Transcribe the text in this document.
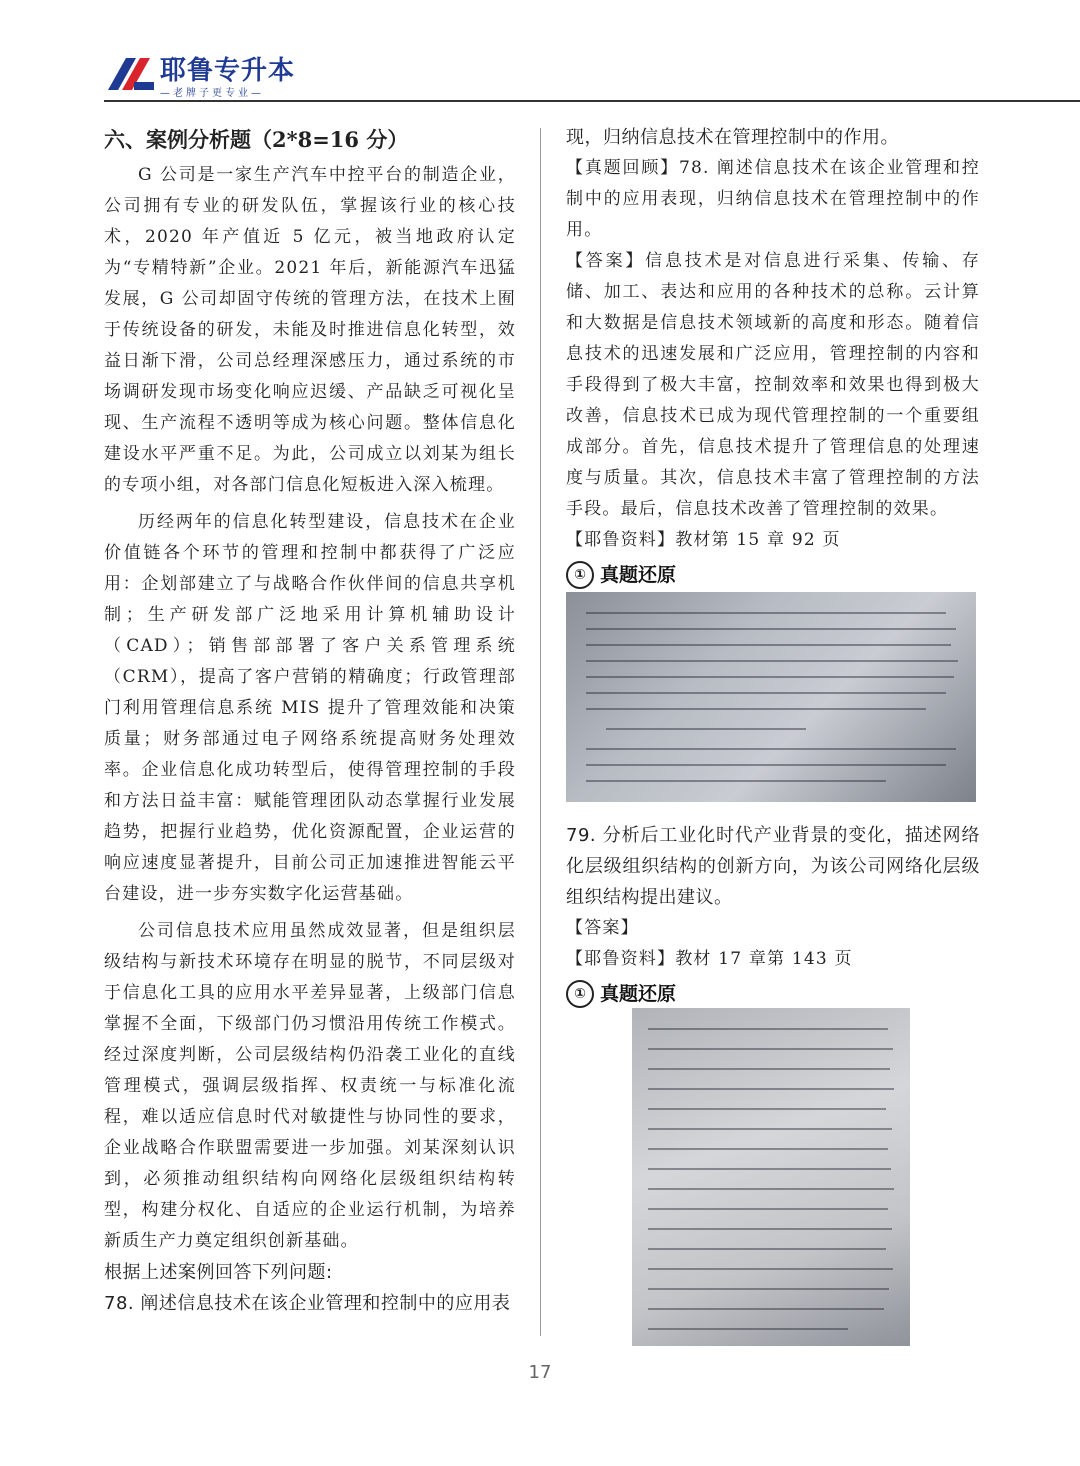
耶鲁专升本
—老牌子更专业—
六、案例分析题（2*8=16 分）

G 公司是一家生产汽车中控平台的制造企业，公司拥有专业的研发队伍，掌握该行业的核心技术，2020 年产值近 5 亿元，被当地政府认定为“专精特新”企业。2021 年后，新能源汽车迅猛发展，G 公司却固守传统的管理方法，在技术上囿于传统设备的研发，未能及时推进信息化转型，效益日渐下滑，公司总经理深感压力，通过系统的市场调研发现市场变化响应迟缓、产品缺乏可视化呈现、生产流程不透明等成为核心问题。整体信息化建设水平严重不足。为此，公司成立以刘某为组长的专项小组，对各部门信息化短板进入深入梳理。

历经两年的信息化转型建设，信息技术在企业价值链各个环节的管理和控制中都获得了广泛应用：企划部建立了与战略合作伙伴间的信息共享机制；生产研发部广泛地采用计算机辅助设计（CAD）；销售部部署了客户关系管理系统（CRM），提高了客户营销的精确度；行政管理部门利用管理信息系统 MIS 提升了管理效能和决策质量；财务部通过电子网络系统提高财务处理效率。企业信息化成功转型后，使得管理控制的手段和方法日益丰富：赋能管理团队动态掌握行业发展趋势，把握行业趋势，优化资源配置，企业运营的响应速度显著提升，目前公司正加速推进智能云平台建设，进一步夯实数字化运营基础。

公司信息技术应用虽然成效显著，但是组织层级结构与新技术环境存在明显的脱节，不同层级对于信息化工具的应用水平差异显著，上级部门信息掌握不全面，下级部门仍习惯沿用传统工作模式。经过深度判断，公司层级结构仍沿袭工业化的直线管理模式，强调层级指挥、权责统一与标准化流程，难以适应信息时代对敏捷性与协同性的要求，企业战略合作联盟需要进一步加强。刘某深刻认识到，必须推动组织结构向网络化层级组织结构转型，构建分权化、自适应的企业运行机制，为培养新质生产力奠定组织创新基础。

根据上述案例回答下列问题:

78. 阐述信息技术在该企业管理和控制中的应用表

现，归纳信息技术在管理控制中的作用。

【真题回顾】78. 阐述信息技术在该企业管理和控制中的应用表现，归纳信息技术在管理控制中的作用。

【答案】信息技术是对信息进行采集、传输、存储、加工、表达和应用的各种技术的总称。云计算和大数据是信息技术领域新的高度和形态。随着信息技术的迅速发展和广泛应用，管理控制的内容和手段得到了极大丰富，控制效率和效果也得到极大改善，信息技术已成为现代管理控制的一个重要组成部分。首先，信息技术提升了管理信息的处理速度与质量。其次，信息技术丰富了管理控制的方法手段。最后，信息技术改善了管理控制的效果。

【耶鲁资料】教材第 15 章 92 页

① 真题还原

79. 分析后工业化时代产业背景的变化，描述网络化层级组织结构的创新方向，为该公司网络化层级组织结构提出建议。

【答案】

【耶鲁资料】教材 17 章第 143 页

① 真题还原
17
